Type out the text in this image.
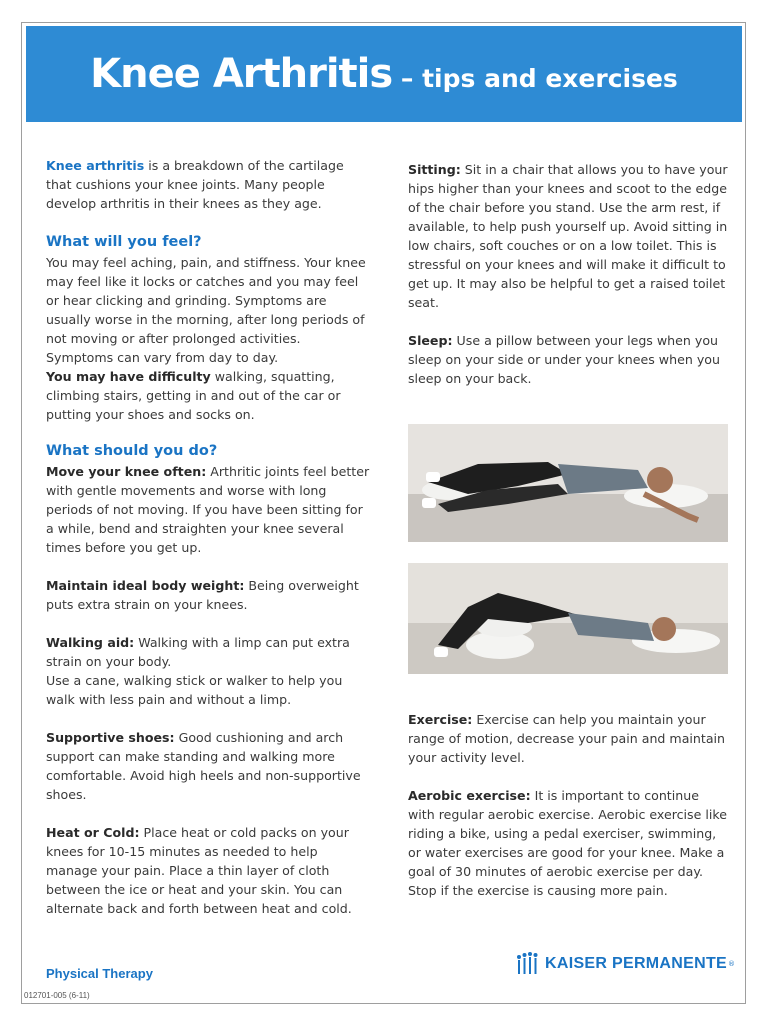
Knee Arthritis – tips and exercises

Knee arthritis is a breakdown of the cartilage that cushions your knee joints. Many people develop arthritis in their knees as they age.

What will you feel?

You may feel aching, pain, and stiffness. Your knee may feel like it locks or catches and you may feel or hear clicking and grinding. Symptoms are usually worse in the morning, after long periods of not moving or after prolonged activities. Symptoms can vary from day to day.

You may have difficulty walking, squatting, climbing stairs, getting in and out of the car or putting your shoes and socks on.

What should you do?

Move your knee often: Arthritic joints feel better with gentle movements and worse with long periods of not moving. If you have been sitting for a while, bend and straighten your knee several times before you get up.

Maintain ideal body weight: Being overweight puts extra strain on your knees.

Walking aid: Walking with a limp can put extra strain on your body.

Use a cane, walking stick or walker to help you walk with less pain and without a limp.

Supportive shoes: Good cushioning and arch support can make standing and walking more comfortable. Avoid high heels and non-supportive shoes.

Heat or Cold: Place heat or cold packs on your knees for 10-15 minutes as needed to help manage your pain. Place a thin layer of cloth between the ice or heat and your skin. You can alternate back and forth between heat and cold.

Sitting: Sit in a chair that allows you to have your hips higher than your knees and scoot to the edge of the chair before you stand. Use the arm rest, if available, to help push yourself up. Avoid sitting in low chairs, soft couches or on a low toilet. This is stressful on your knees and will make it difficult to get up. It may also be helpful to get a raised toilet seat.

Sleep: Use a pillow between your legs when you sleep on your side or under your knees when you sleep on your back.

Exercise: Exercise can help you maintain your range of motion, decrease your pain and maintain your activity level.

Aerobic exercise: It is important to continue with regular aerobic exercise. Aerobic exercise like riding a bike, using a pedal exerciser, swimming, or water exercises are good for your knee. Make a goal of 30 minutes of aerobic exercise per day. Stop if the exercise is causing more pain.

Physical Therapy
012701-005 (6-11)
KAISER PERMANENTE ®
